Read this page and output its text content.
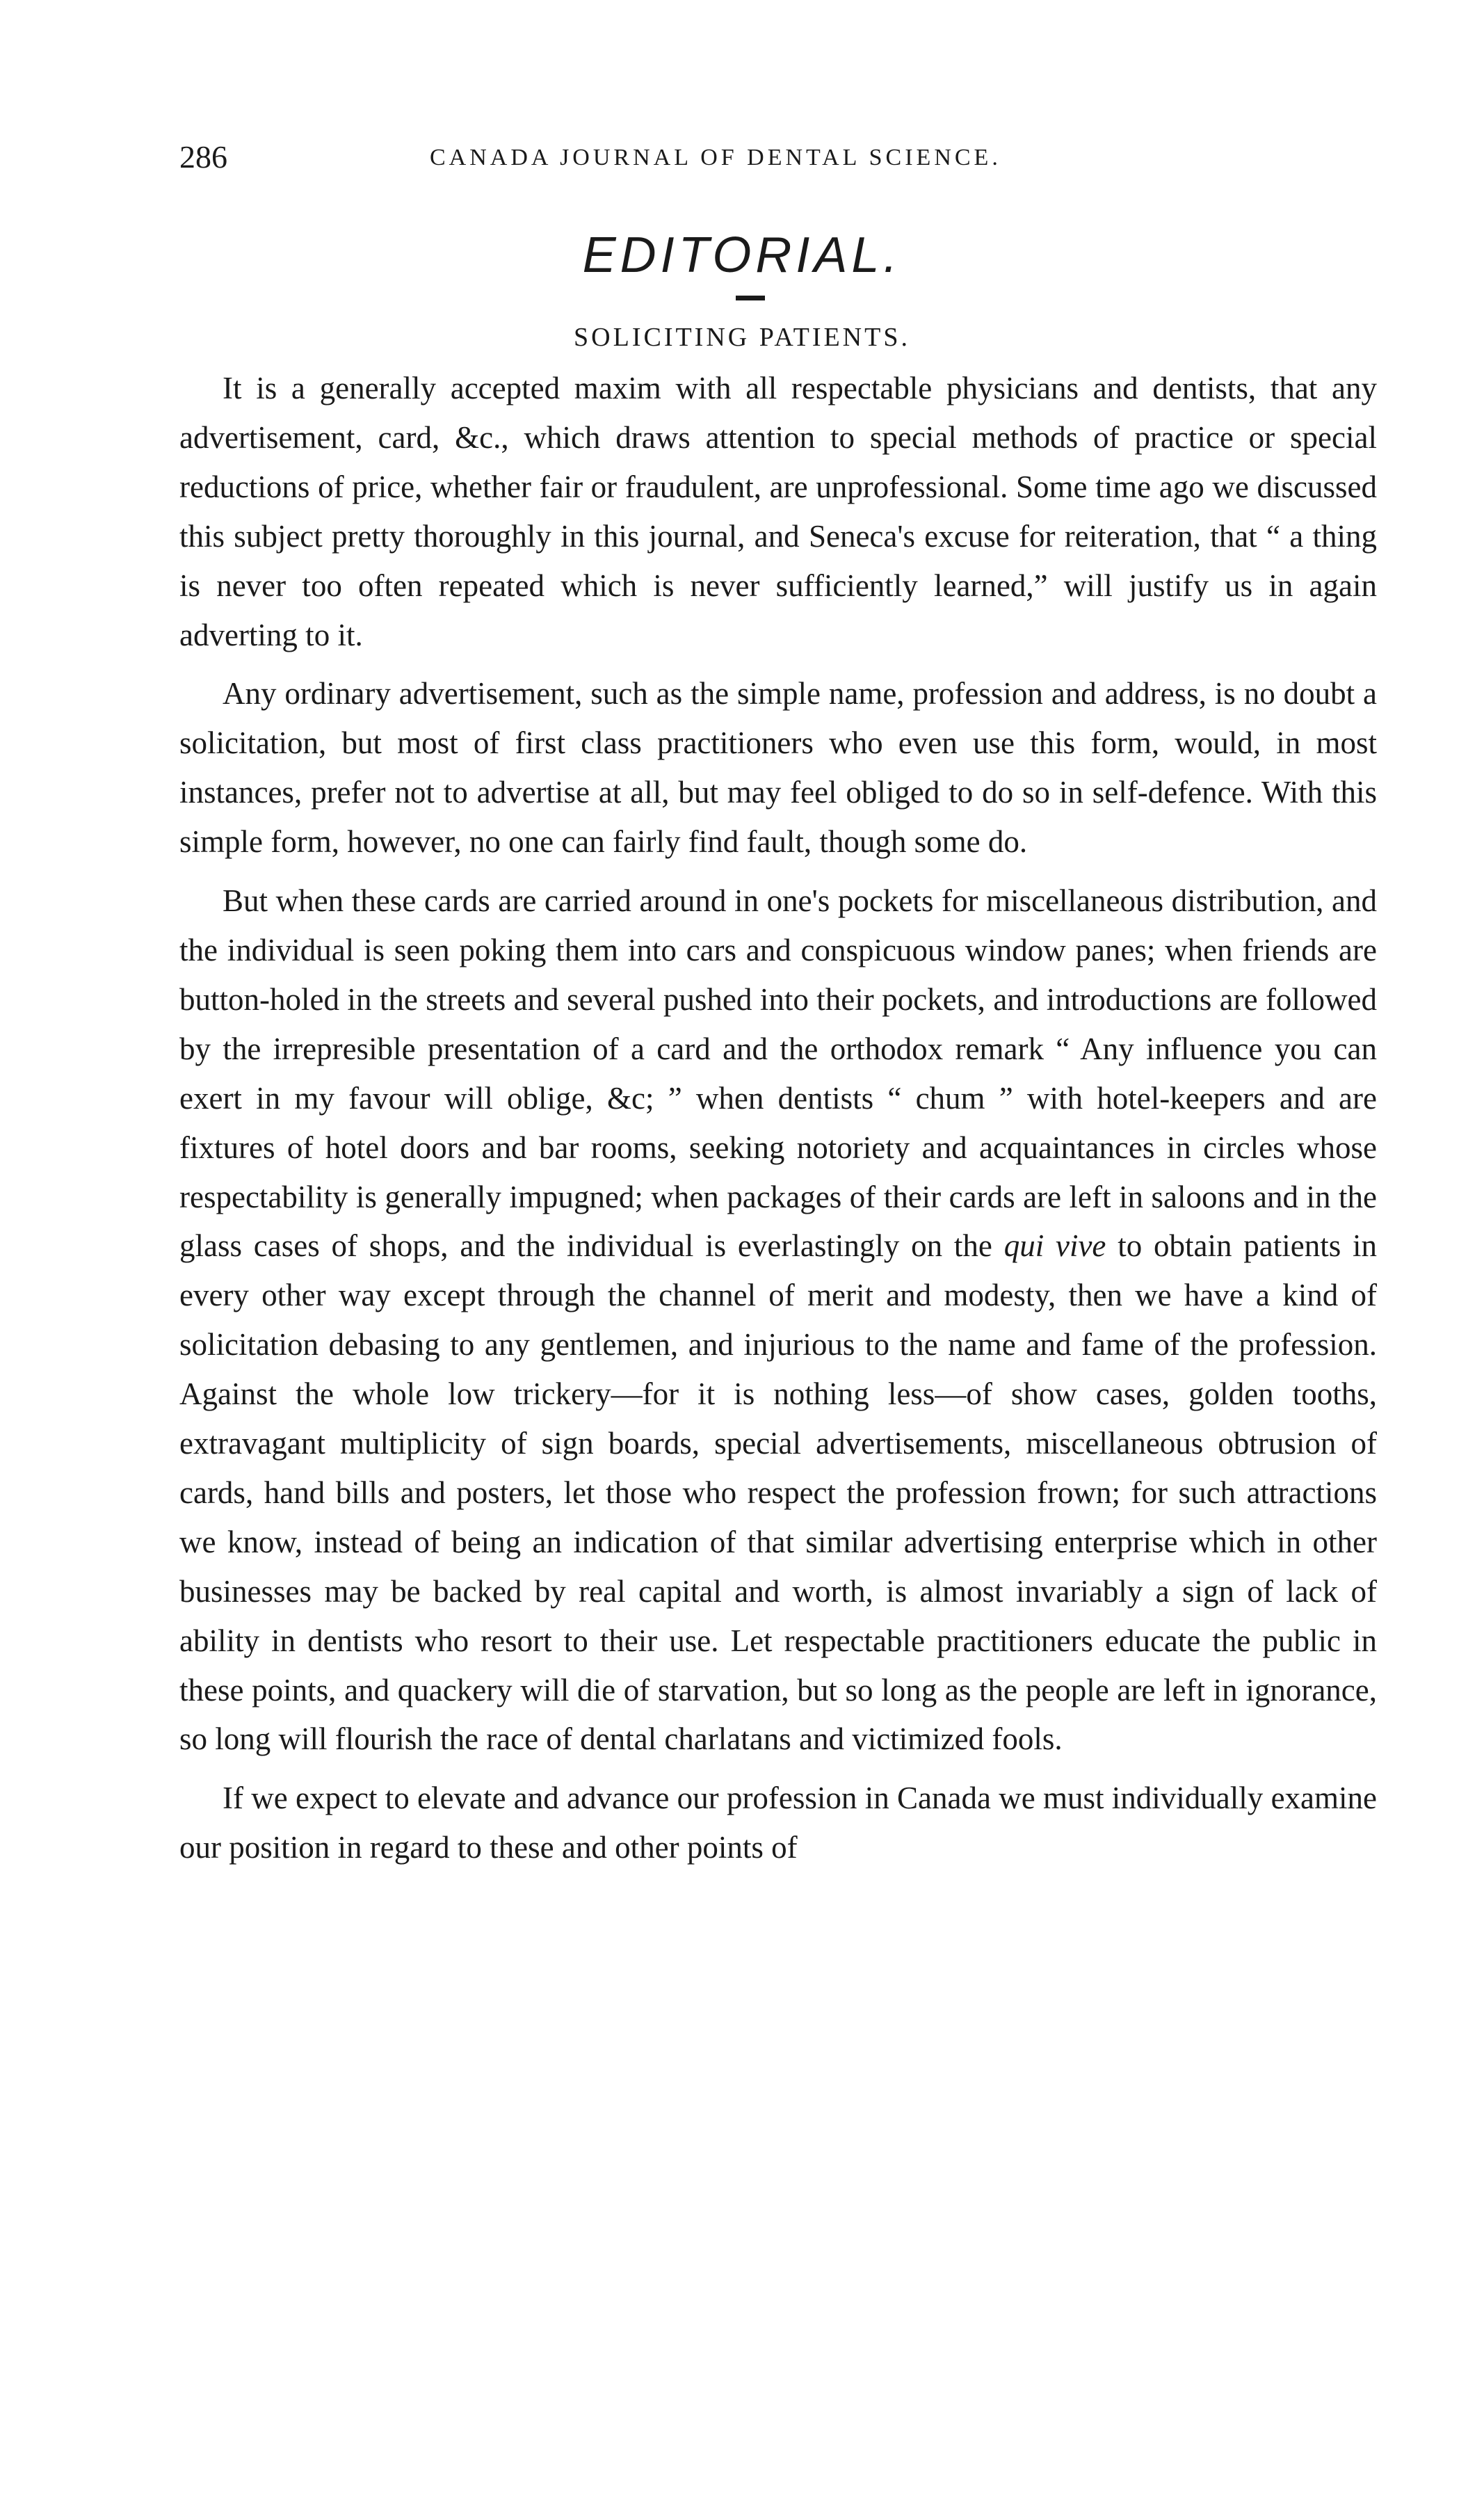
286	CANADA JOURNAL OF DENTAL SCIENCE.
EDITORIAL.
SOLICITING PATIENTS.

It is a generally accepted maxim with all respectable physicians and dentists, that any advertisement, card, &c., which draws attention to special methods of practice or special reductions of price, whether fair or fraudulent, are unprofessional. Some time ago we discussed this subject pretty thoroughly in this journal, and Seneca's excuse for reiteration, that “ a thing is never too often repeated which is never sufficiently learned,” will justify us in again adverting to it.

Any ordinary advertisement, such as the simple name, profession and address, is no doubt a solicitation, but most of first class practitioners who even use this form, would, in most instances, prefer not to advertise at all, but may feel obliged to do so in self-defence. With this simple form, however, no one can fairly find fault, though some do.

But when these cards are carried around in one's pockets for miscellaneous distribution, and the individual is seen poking them into cars and conspicuous window panes; when friends are button-holed in the streets and several pushed into their pockets, and introductions are followed by the irrepresible presentation of a card and the orthodox remark “ Any influence you can exert in my favour will oblige, &c; ” when dentists “ chum ” with hotel-keepers and are fixtures of hotel doors and bar rooms, seeking notoriety and acquaintances in circles whose respectability is generally impugned; when packages of their cards are left in saloons and in the glass cases of shops, and the individual is everlastingly on the qui vive to obtain patients in every other way except through the channel of merit and modesty, then we have a kind of solicitation debasing to any gentlemen, and injurious to the name and fame of the profession. Against the whole low trickery—for it is nothing less—of show cases, golden tooths, extravagant multiplicity of sign boards, special advertisements, miscellaneous obtrusion of cards, hand bills and posters, let those who respect the profession frown; for such attractions we know, instead of being an indication of that similar advertising enterprise which in other businesses may be backed by real capital and worth, is almost invariably a sign of lack of ability in dentists who resort to their use. Let respectable practitioners educate the public in these points, and quackery will die of starvation, but so long as the people are left in ignorance, so long will flourish the race of dental charlatans and victimized fools.

If we expect to elevate and advance our profession in Canada we must individually examine our position in regard to these and other points of
